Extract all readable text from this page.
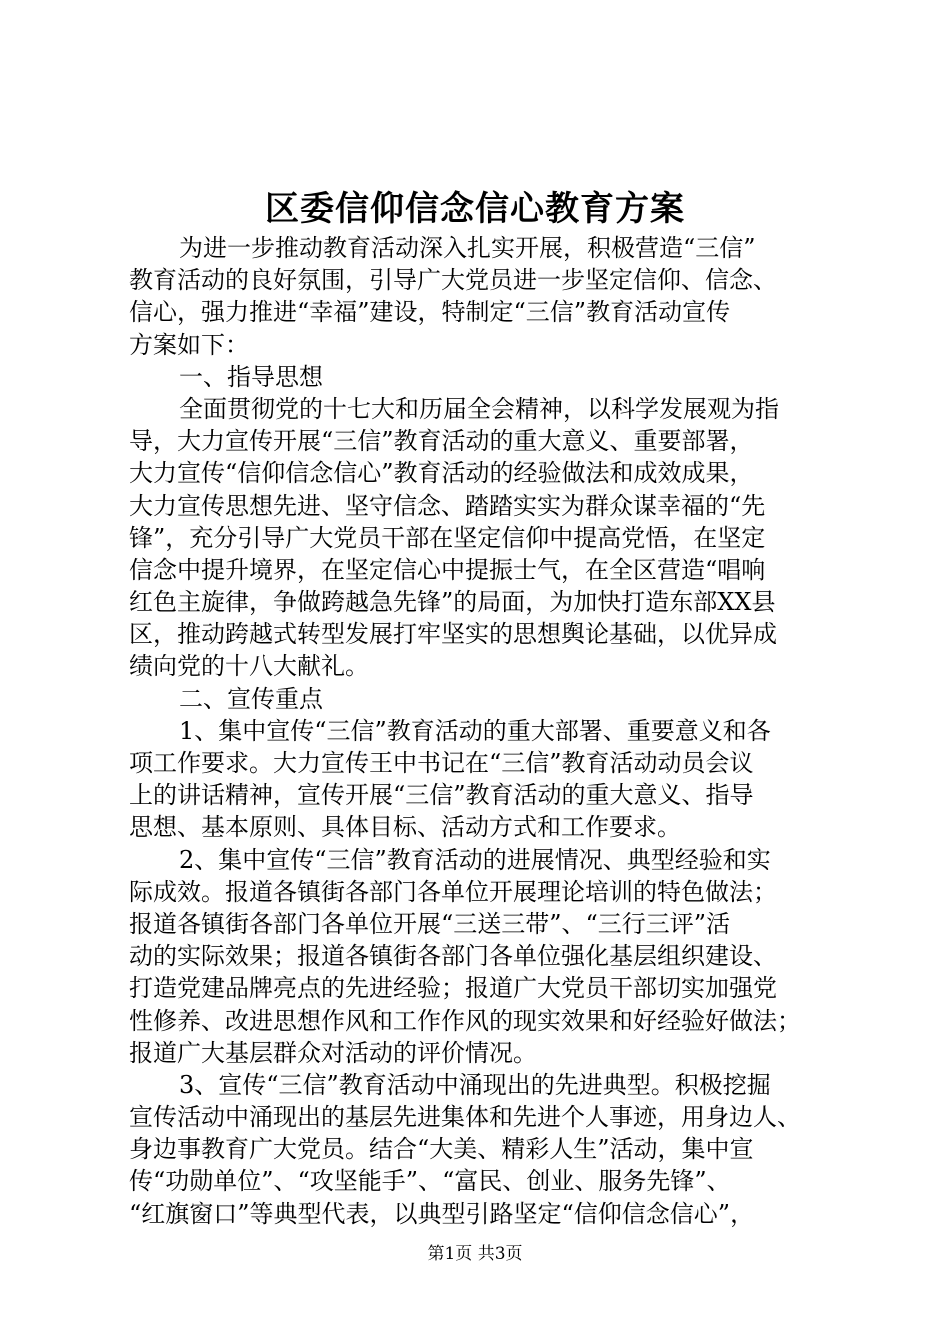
区委信仰信念信心教育方案
为进一步推动教育活动深入扎实开展，积极营造“三信”
教育活动的良好氛围，引导广大党员进一步坚定信仰、信念、
信心，强力推进“幸福”建设，特制定“三信”教育活动宣传
方案如下：
一、指导思想
全面贯彻党的十七大和历届全会精神，以科学发展观为指
导，大力宣传开展“三信”教育活动的重大意义、重要部署，
大力宣传“信仰信念信心”教育活动的经验做法和成效成果，
大力宣传思想先进、坚守信念、踏踏实实为群众谋幸福的“先
锋”，充分引导广大党员干部在坚定信仰中提高党悟，在坚定
信念中提升境界，在坚定信心中提振士气，在全区营造“唱响
红色主旋律，争做跨越急先锋”的局面，为加快打造东部XX县
区，推动跨越式转型发展打牢坚实的思想舆论基础，以优异成
绩向党的十八大献礼。
二、宣传重点
1、集中宣传“三信”教育活动的重大部署、重要意义和各
项工作要求。大力宣传王中书记在“三信”教育活动动员会议
上的讲话精神，宣传开展“三信”教育活动的重大意义、指导
思想、基本原则、具体目标、活动方式和工作要求。
2、集中宣传“三信”教育活动的进展情况、典型经验和实
际成效。报道各镇街各部门各单位开展理论培训的特色做法；
报道各镇街各部门各单位开展“三送三带”、“三行三评”活
动的实际效果；报道各镇街各部门各单位强化基层组织建设、
打造党建品牌亮点的先进经验；报道广大党员干部切实加强党
性修养、改进思想作风和工作作风的现实效果和好经验好做法；
报道广大基层群众对活动的评价情况。
3、宣传“三信”教育活动中涌现出的先进典型。积极挖掘
宣传活动中涌现出的基层先进集体和先进个人事迹，用身边人、
身边事教育广大党员。结合“大美、精彩人生”活动，集中宣
传“功勋单位”、“攻坚能手”、“富民、创业、服务先锋”、
“红旗窗口”等典型代表，以典型引路坚定“信仰信念信心”，
第1页 共3页
